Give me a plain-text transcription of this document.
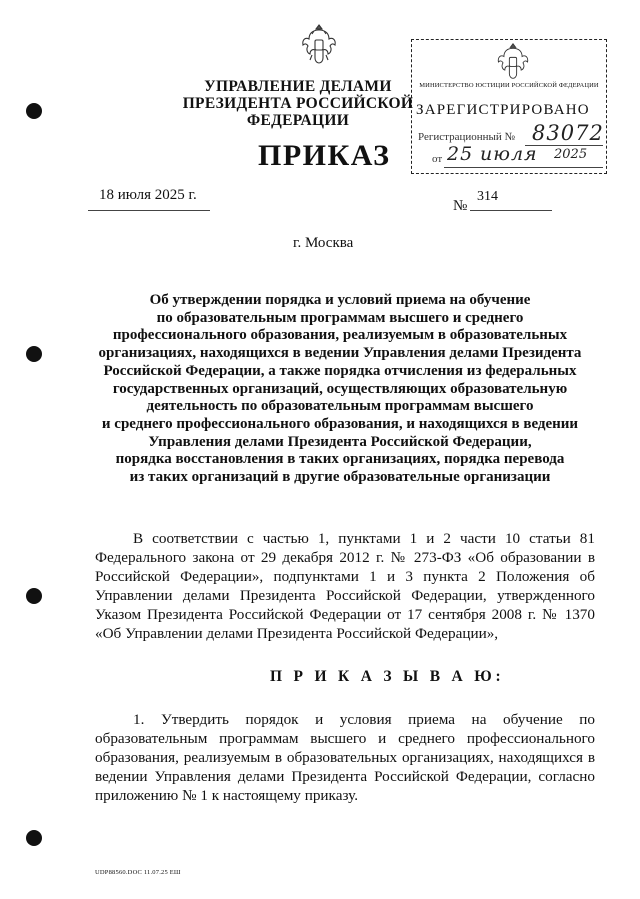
УПРАВЛЕНИЕ ДЕЛАМИ
ПРЕЗИДЕНТА РОССИЙСКОЙ ФЕДЕРАЦИИ
ПРИКАЗ
МИНИСТЕРСТВО ЮСТИЦИИ РОССИЙСКОЙ ФЕДЕРАЦИИ
ЗАРЕГИСТРИРОВАНО
Регистрационный № 83072
от 25 июля 2025
18 июля 2025 г.
№
314
г. Москва
Об утверждении порядка и условий приема на обучение
по образовательным программам высшего и среднего
профессионального образования, реализуемым в образовательных
организациях, находящихся в ведении Управления делами Президента
Российской Федерации, а также порядка отчисления из федеральных
государственных организаций, осуществляющих образовательную
деятельность по образовательным программам высшего
и среднего профессионального образования, и находящихся в ведении
Управления делами Президента Российской Федерации,
порядка восстановления в таких организациях, порядка перевода
из таких организаций в другие образовательные организации
В соответствии с частью 1, пунктами 1 и 2 части 10 статьи 81 Федерального закона от 29 декабря 2012 г. № 273-ФЗ «Об образовании в Российской Федерации», подпунктами 1 и 3 пункта 2 Положения об Управлении делами Президента Российской Федерации, утвержденного Указом Президента Российской Федерации от 17 сентября 2008 г. № 1370 «Об Управлении делами Президента Российской Федерации»,
П Р И К А З Ы В А Ю:
1. Утвердить порядок и условия приема на обучение по образовательным программам высшего и среднего профессионального образования, реализуемым в образовательных организациях, находящихся в ведении Управления делами Президента Российской Федерации, согласно приложению № 1 к настоящему приказу.
UDP88560.DOC 11.07.25 ЕШ
